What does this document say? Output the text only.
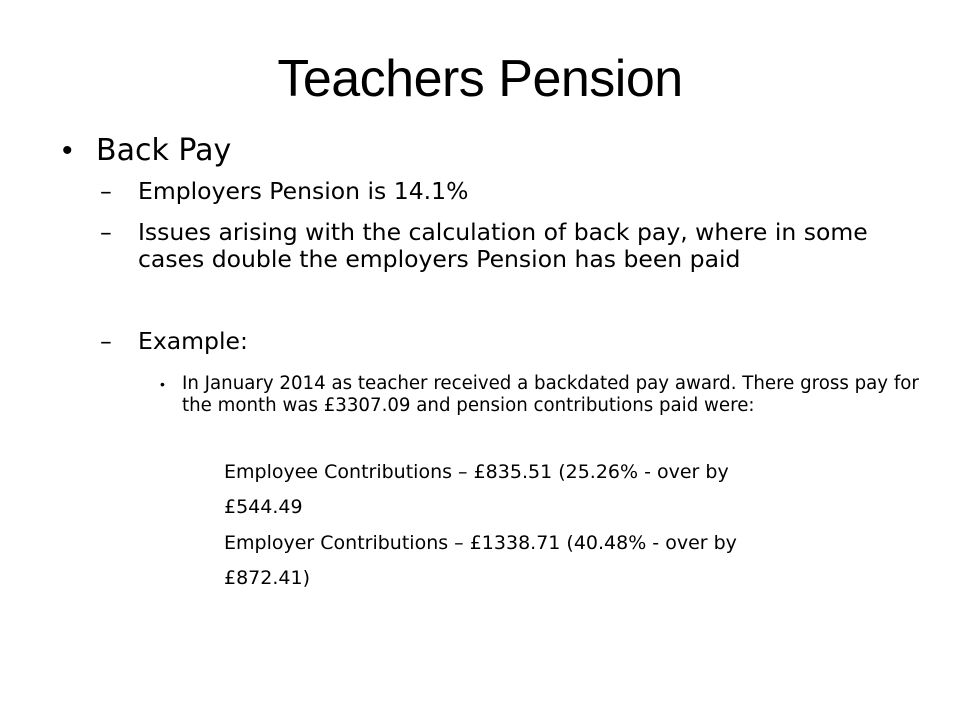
Teachers Pension
• Back Pay
– Employers Pension is 14.1%
– Issues arising with the calculation of back pay, where in some cases double the employers Pension has been paid
– Example:
• In January 2014 as teacher received a backdated pay award. There gross pay for the month was £3307.09 and pension contributions paid were:
Employee Contributions – £835.51 (25.26% - over by
£544.49
Employer Contributions – £1338.71 (40.48% - over by
£872.41)
